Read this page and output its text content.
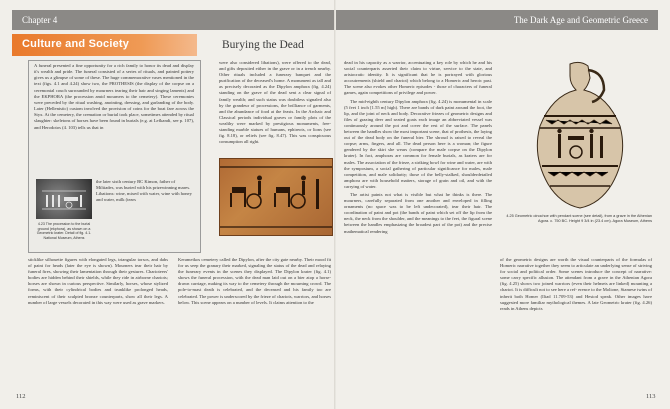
Chapter 4	The Dark Age and Geometric Greece
Culture and Society	Burying the Dead
A funeral presented a fine opportunity for a rich family to honor its dead and display it's wealth and pride. The funeral consisted of a series of rituals, and painted pottery gives us a glimpse of some of these. The huge commemorative vases mentioned in the text (figs. 4.1 and 4.24) show two, the PROTHESIS (the display of the corpse on a ceremonial couch surrounded by mourners tearing their hair and singing laments) and the EKPHORA (the procession amid mourners to the cemetery). These ceremonies were preceded by the ritual washing, anointing, dressing, and garlanding of the body. Later (Hellenistic) custom involved the provision of coins for the boat fare across the Styx. At the cemetery, the cremation or burial took place, sometimes attended by ritual slaughter: skeletons of horses have been found in burials (e.g. at Lefkandi, see p. 107), and Herodotos (4. 103) tells us that in
4.23 The procession to the burial ground (ekphora), as shown on a Geometric krater. Detail of fig. 4.1. National Museum, Athens
the later sixth century BC Kimon, father of Miltiades, was buried with his prizewinning mares. Libations: wine, mixed with water, wine with honey and water, milk (tears

were also considered libations), were offered to the dead, and gifts deposited either in the grave or in a trench nearby. Other rituals included a funerary banquet and the purification of the deceased's home. A monument as tall and as precisely decorated as the Dipylon amphora (fig. 4.24) standing on the grave of the dead sent a clear signal of family wealth; and such status was doubtless signaled also by the grandeur of processions, the brilliance of garments, and the abundance of food at the feasts. In the Archaic and Classical periods individual graves or family plots of the wealthy were marked by prestigious monuments, free-standing marble statues of humans, ephireots, or lions (see fig. 8.18), or reliefs (see fig. 8.47). This was conspicuous consumption all right.

sticklike silhouette figures with elongated legs, triangular torsos, and dabs of paint for heads (later the eye is shown). Mourners tear their hair by funeral fires, showing their lamentation through their gestures. Charioteers' bodies are hidden behind their shields, while they ride in airborne chariots; horses are shown in curious perspective. Similarly, horses, whose stylized forms, with their cylindrical bodies and trunklike prolonged heads, reminiscent of their sculpted bronze counterparts, show all their legs. A number of large vessels decorated in this way were used as grave markers.

Kerameikos cemetery called the Dipylon, after the city gate nearby. Their mood fit for us seep the granary their marked, signaling the status of the dead and relaying the funerary events in the scenes they displayed. The Dipylon krater (fig. 4.1) shows the funeral procession, with the dead man laid out on a bier atop a horse-drawn carriage, making its way to the cemetery through the mourning crowd. The pole-to-mast death is celebrated, and the deceased and his family too are celebrated. The power is underscored by the frieze of chariots, warriors, and horses below. This scene appears on a number of levels. It claims attention to the

dead in his capacity as a warrior, accentuating a key role by which he and his social counterparts asserted their claim to virtue, service to the state, and aristocratic identity. It is significant that he is portrayed with glorious accoutrements (shield and chariot) which belong to a Homeric and heroic past. The scene also evokes other Homeric episodes - those of characters of funeral games, again competitions of privilege and power.

The mid-eighth century Dipylon amphora (fig. 4.24) is monumental in scale (5 feet 1 inch [1.55 m] high). There are bands of dark paint around the foot, the lip, and the joint of neck and body. Decorative friezes of geometric designs and files of grazing deer and seated goats each image an abbreviated vessel was continuously around the pot and cover the rest of the surface. The panels between the handles show the most important scene, that of prothesis, the laying out of the dead body on the funeral bier. The shroud is raised to reveal the corpse; arms, fingers, and all. The dead person here is a woman; the figure gendered by the skirt she wears (compare the male corpse on the Dipylon krater). In fact, amphoras are common for female burials, as kraters are for males. The association of the frieze, a striking bowl for wine and water, are with the symposium, a social gathering of particular significance for males, male competition, and male solidarity; those of the belly-stalked, shoulderdetailed amphora are with household matters, storage of grain and oil, and with the carrying of water.

The artist paints not what is visible but what he thinks is there. The mourners, carefully separated from one another and enveloped in filling ornaments (no space was to be left undecorated), tear their hair. The coordination of paint and pot (the bands of paint which set off the lip from the neck, the neck from the shoulder, and the meanings to the feet, the figural scene between the handles emphasizing the broadest part of the pot) and the precise mathematical rendering

4.25 Geometric oinochoe with pendant scene (see detail), from a grave in the Athenian Agora. c. 750 BC. Height 9 3/4 in (23.4 cm). Agora Museum, Athens

of the geometric designs are worth the visual counterparts of the formulas of Homeric narrative together they seem to articulate an underlying sense of striving for social and political order. Some scenes introduce the concept of narrative: some carry specific allusion. The attendant from a grave in the Athenian Agora (fig. 4.25) shows two joined warriors (even their helmets are linked) mounting a chariot. It is difficult not to see here a ref- erence to the Molione, Siamese twins of inherit both Homer (Iliad 11.709-53) and Hesiod speak. Other images have suggested more familiar mythological themes. A late Geometric krater (fig. 4.26) reads in Athens depicts

112	113
